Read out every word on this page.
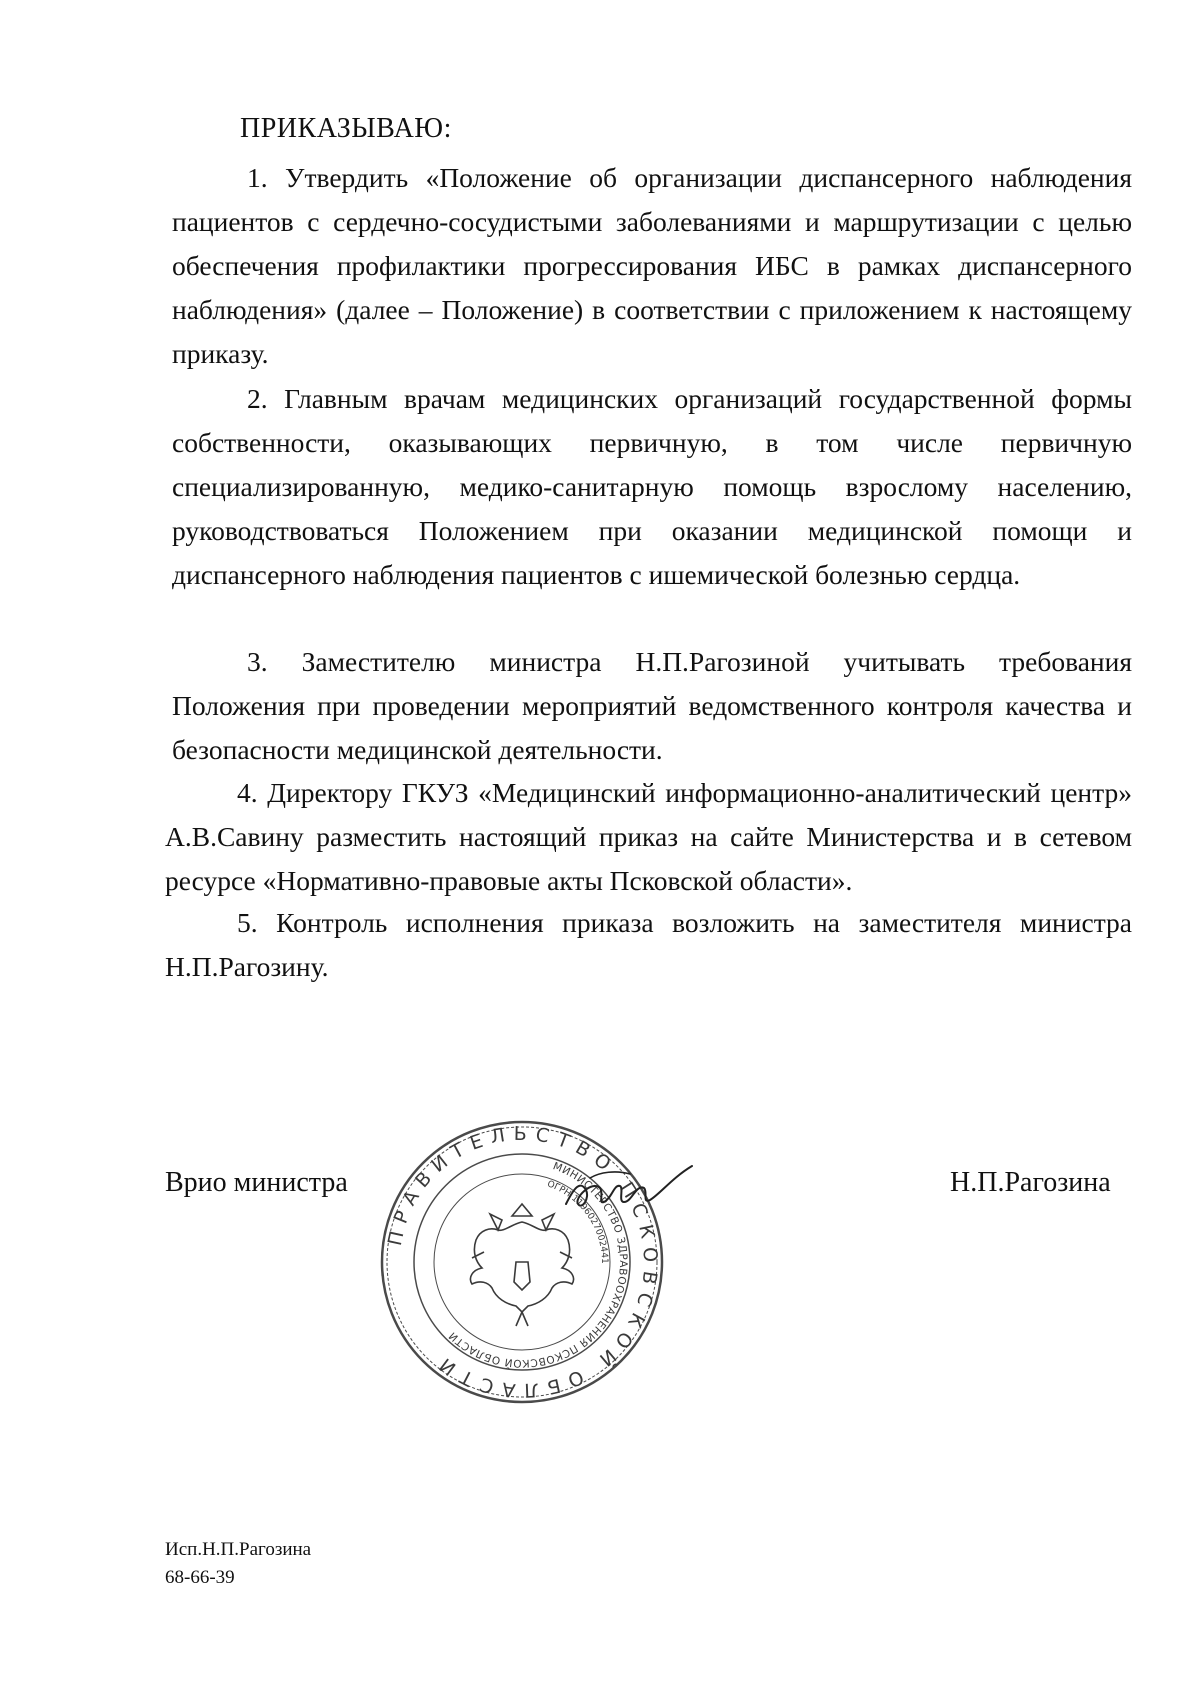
ПРИКАЗЫВАЮ:

1. Утвердить «Положение об организации диспансерного наблюдения пациентов с сердечно-сосудистыми заболеваниями и маршрутизации с целью обеспечения профилактики прогрессирования ИБС в рамках диспансерного наблюдения» (далее – Положение) в соответствии с приложением к настоящему приказу.

2. Главным врачам медицинских организаций государственной формы собственности, оказывающих первичную, в том числе первичную специализированную, медико-санитарную помощь взрослому населению, руководствоваться Положением при оказании медицинской помощи и диспансерного наблюдения пациентов с ишемической болезнью сердца.

3. Заместителю министра Н.П.Рагозиной учитывать требования Положения при проведении мероприятий ведомственного контроля качества и безопасности медицинской деятельности.

4. Директору ГКУЗ «Медицинский информационно-аналитический центр» А.В.Савину разместить настоящий приказ на сайте Министерства и в сетевом ресурсе «Нормативно-правовые акты Псковской области».

5. Контроль исполнения приказа возложить на заместителя министра Н.П.Рагозину.

Врио министра
ПРАВИТЕЛЬСТВО ПСКОВСКОЙ ОБЛАСТИ
МИНИСТЕРСТВО ЗДРАВООХРАНЕНИЯ ПСКОВСКОЙ ОБЛАСТИ
ОГРН 1196027002441
Н.П.Рагозина
Исп.Н.П.Рагозина
68-66-39
